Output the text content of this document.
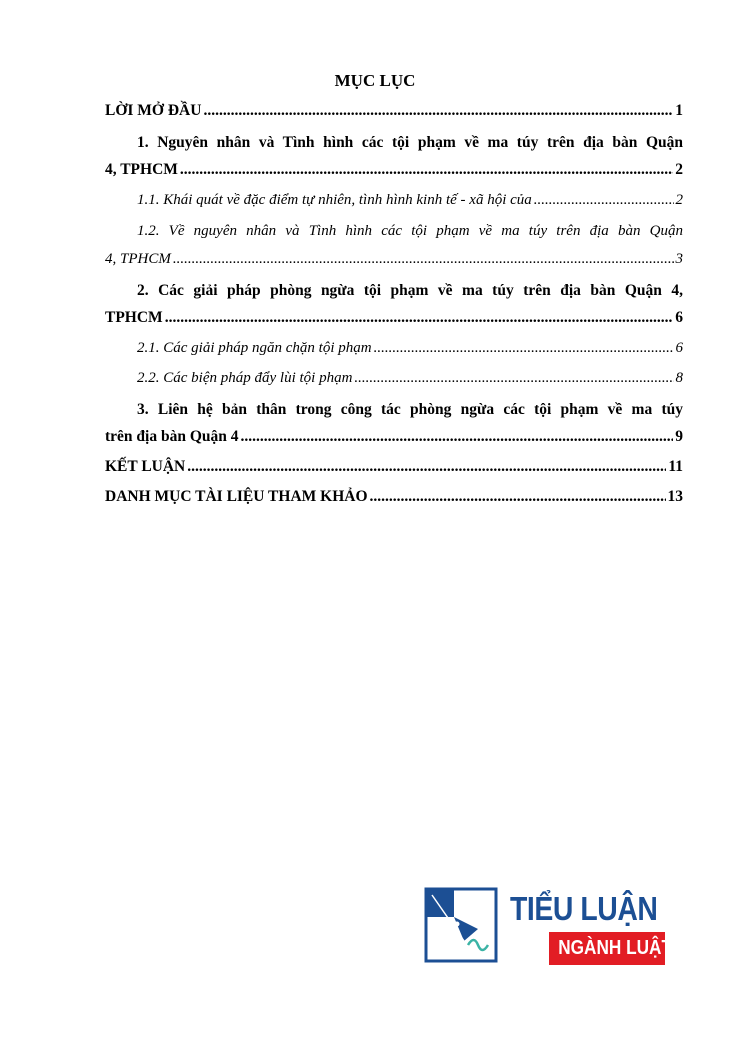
MỤC LỤC
LỜI MỞ ĐẦU .....	1
1. Nguyên nhân và Tình hình các tội phạm về ma túy trên địa bàn Quận
4, TPHCM .....	2
1.1. Khái quát về đặc điểm tự nhiên, tình hình kinh tế - xã hội của .....	2
1.2. Về nguyên nhân và Tình hình các tội phạm về ma túy trên địa bàn Quận
4, TPHCM .....	3
2. Các giải pháp phòng ngừa tội phạm về ma túy trên địa bàn Quận 4,
TPHCM .....	6
2.1. Các giải pháp ngăn chặn tội phạm .....	6
2.2. Các biện pháp đẩy lùi tội phạm .....	8
3. Liên hệ bản thân trong công tác phòng ngừa các tội phạm về ma túy
trên địa bàn Quận 4 .....	9
KẾT LUẬN .....	11
DANH MỤC TÀI LIỆU THAM KHẢO .....	13
TIỂU LUẬN
NGÀNH LUẬT
